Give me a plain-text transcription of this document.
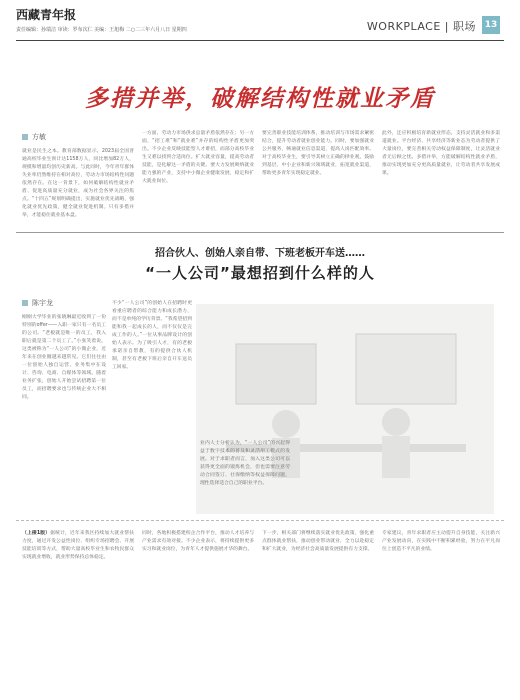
西藏青年报
责任编辑：孙瑞洁 审读：罗布次仁 美编：王旭梅 二○二三年六月八日 星期四	WORKPLACE | 职场 13
多措并举，破解结构性就业矛盾
方敏
就业是民生之本。教育部数据显示，2023届全国普通高校毕业生预计达1158万人，同比增加82万人，规模和增量均创历史新高。与此同时，今年青年群体失业率仍然维持在相对高位，劳动力市场结构性问题依然存在。在这一背景下，如何破解结构性就业矛盾、促进高质量充分就业，成为社会各界关注的焦点。“十四五”规划明确提出，实施就业优先战略，强化就业优先政策，健全就业促进机制。只有多措并举，才能稳住就业基本盘。
一方面，劳动力市场供求总量矛盾依然存在；另一方面，“招工难”和“就业难”并存的结构性矛盾更加突出。不少企业反映技能型人才难招，而部分高校毕业生又难以找到合适岗位。扩大就业容量，提高劳动者技能，是化解这一矛盾的关键。要大力发展吸纳就业能力强的产业，支持中小微企业健康发展，稳定和扩大就业岗位。
要完善职业技能培训体系，推动培训与市场需求紧密结合，提升劳动者就业创业能力。同时，要加强就业公共服务，畅通就业信息渠道，提高人岗匹配效率。对于高校毕业生，要引导其树立正确的择业观，鼓励到基层、中小企业和新兴领域就业，拓宽就业渠道，帮助更多青年实现稳定就业。
此外，还应积极培育新就业形态，支持灵活就业和多渠道就业。平台经济、共享经济等新业态为劳动者提供了大量岗位，要完善相关劳动权益保障制度，让灵活就业者无后顾之忧。多措并举，方能破解结构性就业矛盾，推动实现更加充分更高质量就业，让劳动者共享发展成果。
招合伙人、创始人亲自带、下班老板开车送……
“一人公司”最想招到什么样的人
陈宇龙
刚刚大学毕业的张晓琳最近收到了一份特别的offer——入职一家只有一名员工的公司。“老板就是唯一的员工，我入职后就是第二个员工了。”小张笑着说。这类被称为“一人公司”的小微企业，近年来在创业圈越来越常见。它们往往由一位创始人独自运营，业务集中在设计、咨询、电商、自媒体等领域。随着业务扩张，创始人开始尝试招聘第一位员工，而招聘要求也与传统企业大不相同。
不少“一人公司”的创始人在招聘时更看重应聘者的综合能力和成长潜力，而不是单纯的学历背景。“我希望招到能和我一起成长的人，而不仅仅是完成工作的人。”一位从事品牌设计的创始人表示。为了吸引人才，有的老板承诺亲自带教，有的提供合伙人机制，甚至有老板下班后亲自开车送员工回家。
业内人士分析认为，“一人公司”的兴起得益于数字技术的普及和灵活用工模式的发展。对于求职者而言，加入这类公司可以获得更全面的锻炼机会，但也需要注意劳动合同签订、社保缴纳等权益保障问题，理性选择适合自己的职业平台。
（上接1版）据统计，近年来我区持续加大就业帮扶力度，通过开发公益性岗位、组织专场招聘会、开展技能培训等方式，帮助大量高校毕业生和农牧民群众实现就业增收，就业形势保持总体稳定。
同时，各地积极搭建校企合作平台，推动人才培养与产业需求有效对接。不少企业表示，将持续提供更多实习和就业岗位，为青年人才提供施展才华的舞台。
下一步，相关部门将继续落实就业优先政策，强化重点群体就业帮扶，推动创业带动就业，全力以赴稳定和扩大就业，为经济社会高质量发展提供有力支撑。
专家建议，青年求职者应主动提升自身技能，关注新兴产业发展动向，在实践中不断积累经验，努力在平凡岗位上创造不平凡的业绩。
